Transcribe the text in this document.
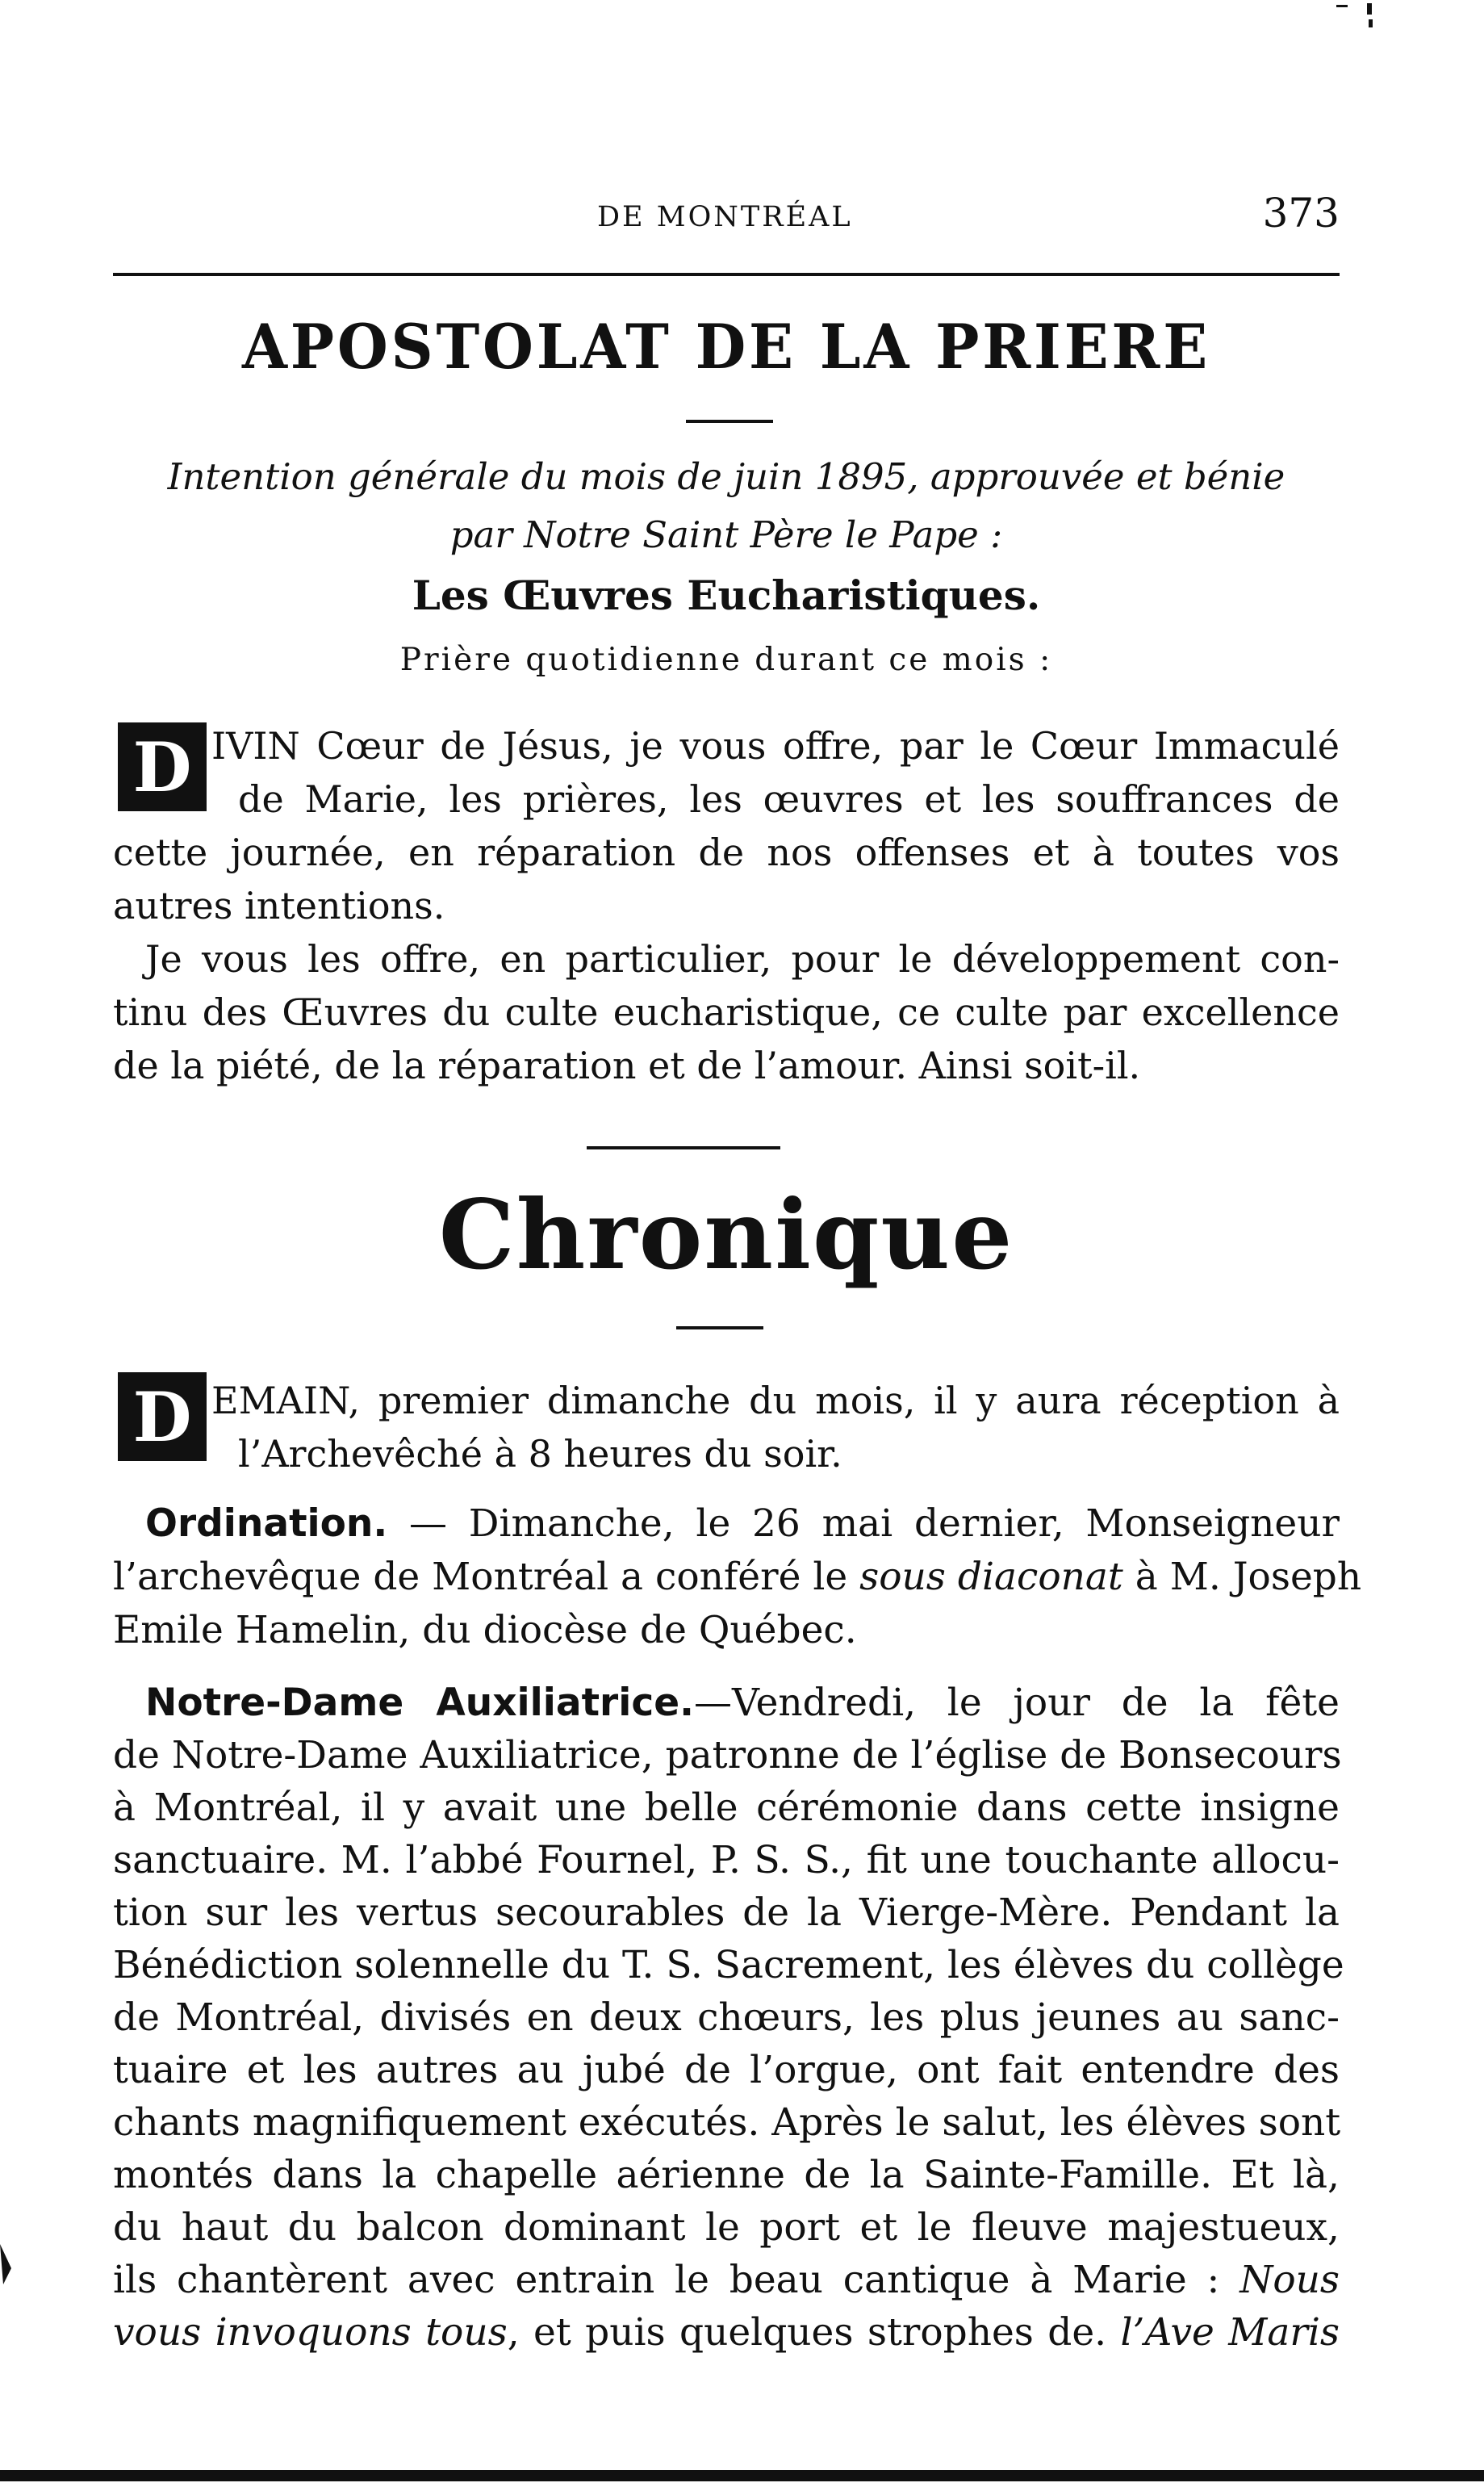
DE MONTRÉAL	373
APOSTOLAT DE LA PRIERE
Intention générale du mois de juin 1895, approuvée et bénie
par Notre Saint Père le Pape :
Les Œuvres Eucharistiques.
Prière quotidienne durant ce mois :
D IVIN Cœur de Jésus, je vous offre, par le Cœur Immaculé
de Marie, les prières, les œuvres et les souffrances de
cette journée, en réparation de nos offenses et à toutes vos
autres intentions.
Je vous les offre, en particulier, pour le développement con-
tinu des Œuvres du culte eucharistique, ce culte par excellence
de la piété, de la réparation et de l’amour. Ainsi soit-il.
Chronique
D EMAIN, premier dimanche du mois, il y aura réception à
l’Archevêché à 8 heures du soir.
Ordination. — Dimanche, le 26 mai dernier, Monseigneur
l’archevêque de Montréal a conféré le sous diaconat à M. Joseph
Emile Hamelin, du diocèse de Québec.
Notre-Dame Auxiliatrice.—Vendredi, le jour de la fête
de Notre-Dame Auxiliatrice, patronne de l’église de Bonsecours
à Montréal, il y avait une belle cérémonie dans cette insigne
sanctuaire. M. l’abbé Fournel, P. S. S., fit une touchante allocu-
tion sur les vertus secourables de la Vierge-Mère. Pendant la
Bénédiction solennelle du T. S. Sacrement, les élèves du collège
de Montréal, divisés en deux chœurs, les plus jeunes au sanc-
tuaire et les autres au jubé de l’orgue, ont fait entendre des
chants magnifiquement exécutés. Après le salut, les élèves sont
montés dans la chapelle aérienne de la Sainte-Famille. Et là,
du haut du balcon dominant le port et le fleuve majestueux,
ils chantèrent avec entrain le beau cantique à Marie : Nous
vous invoquons tous, et puis quelques strophes de. l’Ave Maris
